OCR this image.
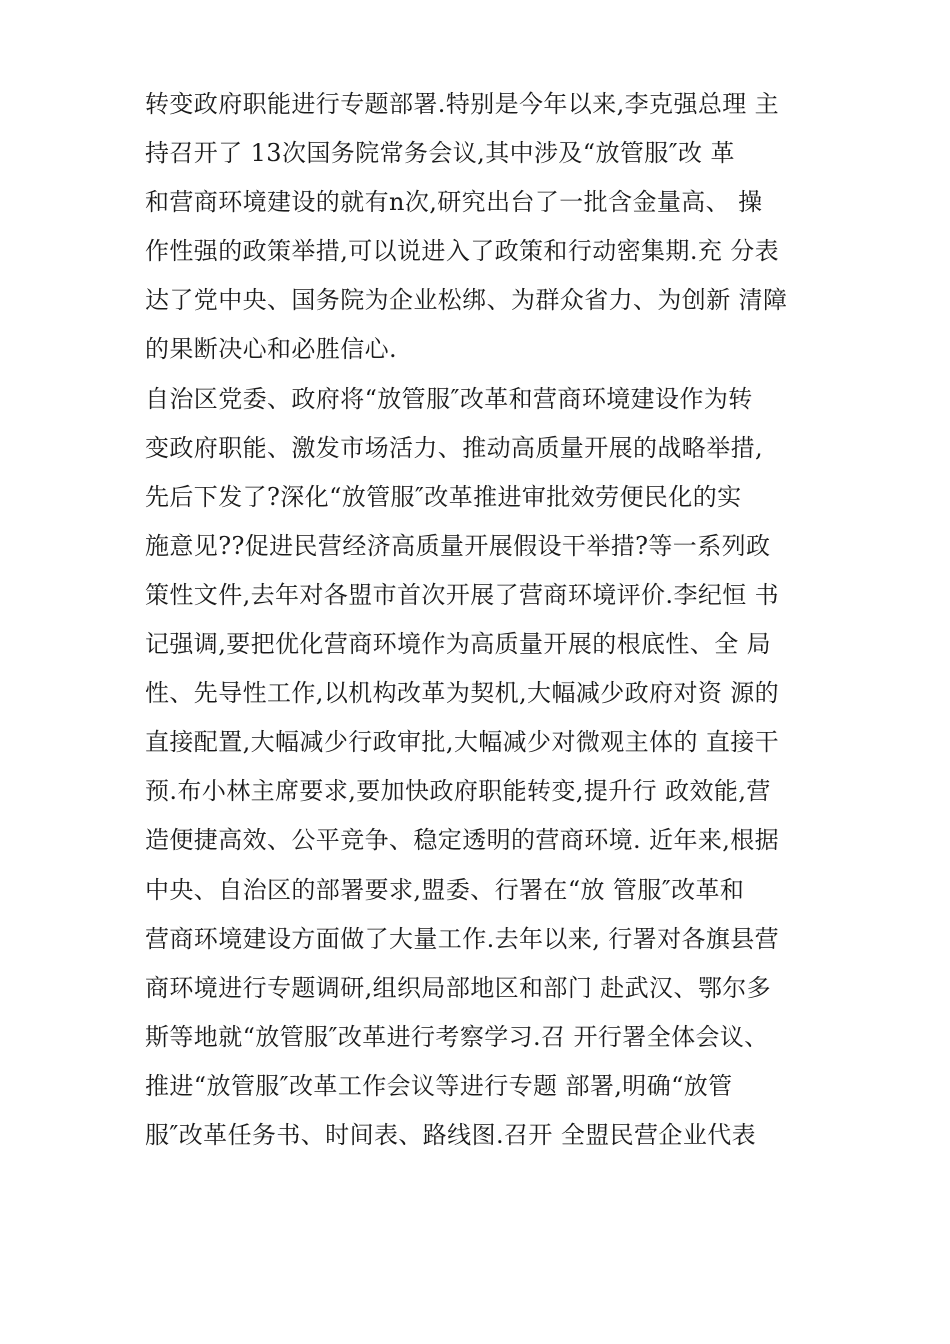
转变政府职能进行专题部署.特别是今年以来,李克强总理 主
持召开了 13次国务院常务会议,其中涉及“放管服″改 革
和营商环境建设的就有n次,研究出台了一批含金量高、 操
作性强的政策举措,可以说进入了政策和行动密集期.充 分表
达了党中央、国务院为企业松绑、为群众省力、为创新 清障
的果断决心和必胜信心.
自治区党委、政府将“放管服″改革和营商环境建设作为转
变政府职能、激发市场活力、推动高质量开展的战略举措,
先后下发了?深化“放管服″改革推进审批效劳便民化的实
施意见??促进民营经济高质量开展假设干举措?等一系列政
策性文件,去年对各盟市首次开展了营商环境评价.李纪恒 书
记强调,要把优化营商环境作为高质量开展的根底性、全 局
性、先导性工作,以机构改革为契机,大幅减少政府对资 源的
直接配置,大幅减少行政审批,大幅减少对微观主体的 直接干
预.布小林主席要求,要加快政府职能转变,提升行 政效能,营
造便捷高效、公平竞争、稳定透明的营商环境. 近年来,根据
中央、自治区的部署要求,盟委、行署在“放 管服″改革和
营商环境建设方面做了大量工作.去年以来, 行署对各旗县营
商环境进行专题调研,组织局部地区和部门 赴武汉、鄂尔多
斯等地就“放管服″改革进行考察学习.召 开行署全体会议、
推进“放管服″改革工作会议等进行专题 部署,明确“放管
服″改革任务书、时间表、路线图.召开 全盟民营企业代表
